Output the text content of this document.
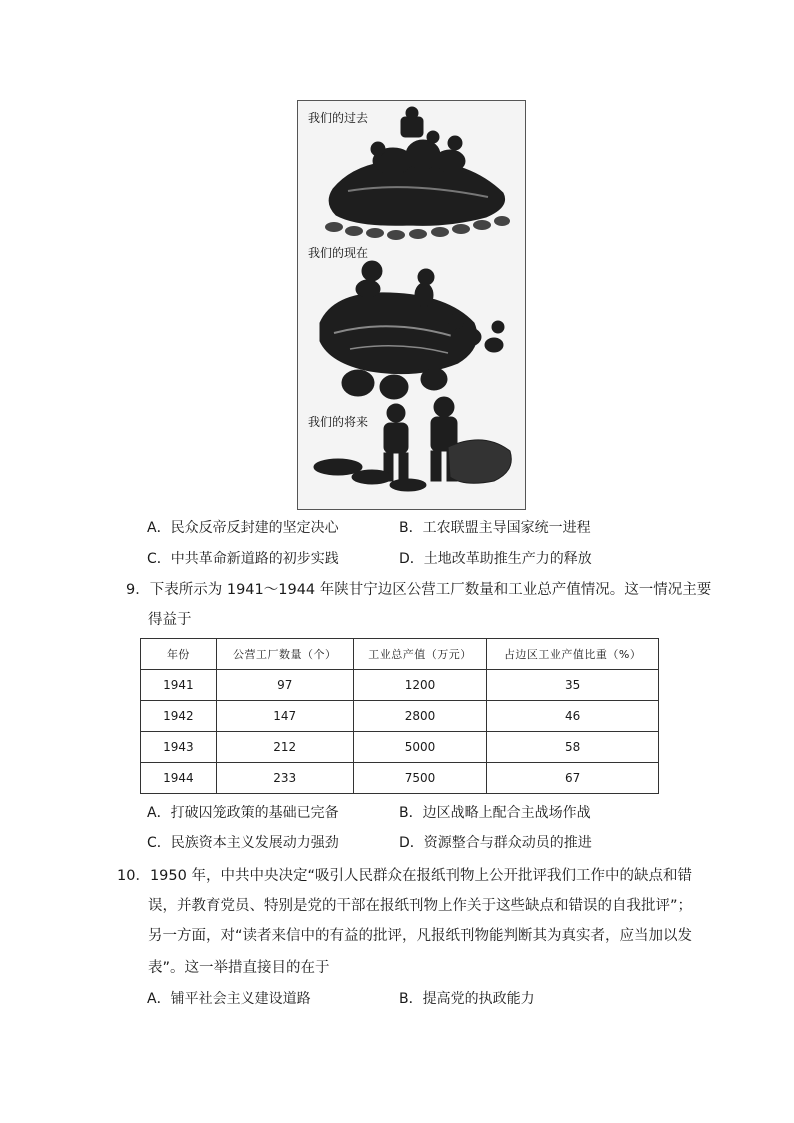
我们的过去
我们的现在
我们的将来
A．民众反帝反封建的坚定决心	B．工农联盟主导国家统一进程
C．中共革命新道路的初步实践	D．土地改革助推生产力的释放
9．下表所示为 1941～1944 年陕甘宁边区公营工厂数量和工业总产值情况。这一情况主要
得益于
年份	公营工厂数量（个）	工业总产值（万元）	占边区工业产值比重（%）
1941	97	1200	35
1942	147	2800	46
1943	212	5000	58
1944	233	7500	67
A．打破囚笼政策的基础已完备	B．边区战略上配合主战场作战
C．民族资本主义发展动力强劲	D．资源整合与群众动员的推进
10．1950 年，中共中央决定“吸引人民群众在报纸刊物上公开批评我们工作中的缺点和错
误，并教育党员、特别是党的干部在报纸刊物上作关于这些缺点和错误的自我批评”；
另一方面，对“读者来信中的有益的批评，凡报纸刊物能判断其为真实者，应当加以发
表”。这一举措直接目的在于
A．铺平社会主义建设道路	B．提高党的执政能力
